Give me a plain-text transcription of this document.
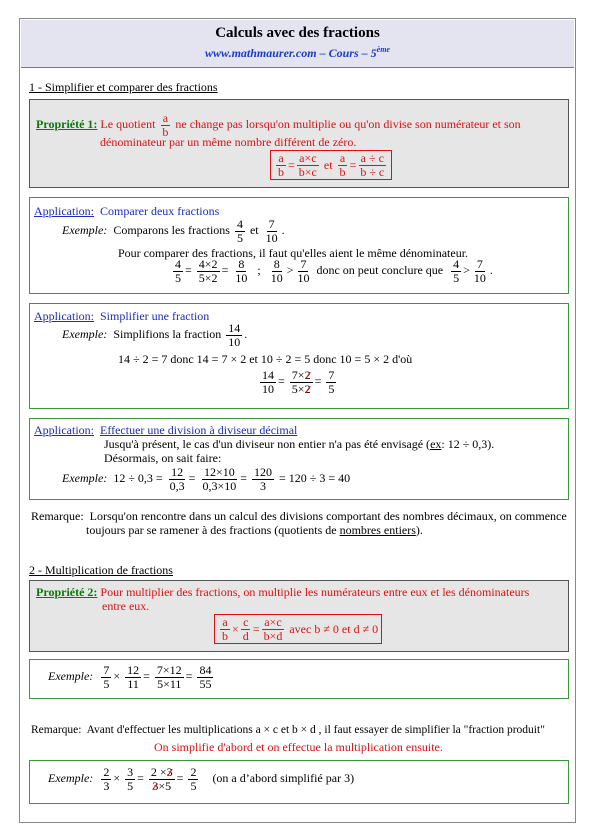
Calculs avec des fractions
www.mathmaurer.com – Cours – 5ème
1 - Simplifier et comparer des fractions
Propriété 1: Le quotient $\frac{a}{b}$ ne change pas lorsqu'on multiplie ou qu'on divise son numérateur et son
dénominateur par un même nombre différent de zéro.
$\frac{a}{b} = \frac{a\times c}{b\times c}$
et
$\frac{a}{b} = \frac{a \div c}{b \div c}$
Application: Comparer deux fractions
Exemple: Comparons les fractions $\frac{4}{5}$ et $\frac{7}{10}$ .
Pour comparer des fractions, il faut qu'elles aient le même dénominateur.
$\frac{4}{5} = \frac{4\times 2}{5\times 2} = \frac{8}{10}$ ; $\frac{8}{10} > \frac{7}{10}$ donc on peut conclure que $\frac{4}{5} > \frac{7}{10}$ .
Application: Simplifier une fraction
Exemple: Simplifions la fraction $\frac{14}{10}$ .
14 ÷ 2 = 7 donc 14 = 7 × 2 et 10 ÷ 2 = 5 donc 10 = 5 × 2 d'où
$\frac{14}{10} = \frac{7\times 2}{5\times 2} = \frac{7}{5}$
Application: Effectuer une division à diviseur décimal
Jusqu'à présent, le cas d'un diviseur non entier n'a pas été envisagé (ex: 12 ÷ 0,3).
Désormais, on sait faire:
Exemple: $12 \div 0,3 = \frac{12}{0,3} = \frac{12\times 10}{0,3\times 10} = \frac{120}{3} = 120 \div 3 = 40$
Remarque: Lorsqu'on rencontre dans un calcul des divisions comportant des nombres décimaux, on commence
toujours par se ramener à des fractions (quotients de nombres entiers).
2 - Multiplication de fractions
Propriété 2: Pour multiplier des fractions, on multiplie les numérateurs entre eux et les dénominateurs
entre eux.
$\frac{a}{b} \times \frac{c}{d} = \frac{a\times c}{b\times d}$
avec b ≠ 0 et d ≠ 0
Exemple: $\frac{7}{5} \times \frac{12}{11} = \frac{7\times 12}{5\times 11} = \frac{84}{55}$
Remarque: Avant d'effectuer les multiplications a × c et b × d , il faut essayer de simplifier la "fraction produit"
On simplifie d'abord et on effectue la multiplication ensuite.
Exemple: $\frac{2}{3} \times \frac{3}{5} = \frac{2 \times 3}{3\times 5} = \frac{2}{5} (on$ a d’abord simplifié par 3)
